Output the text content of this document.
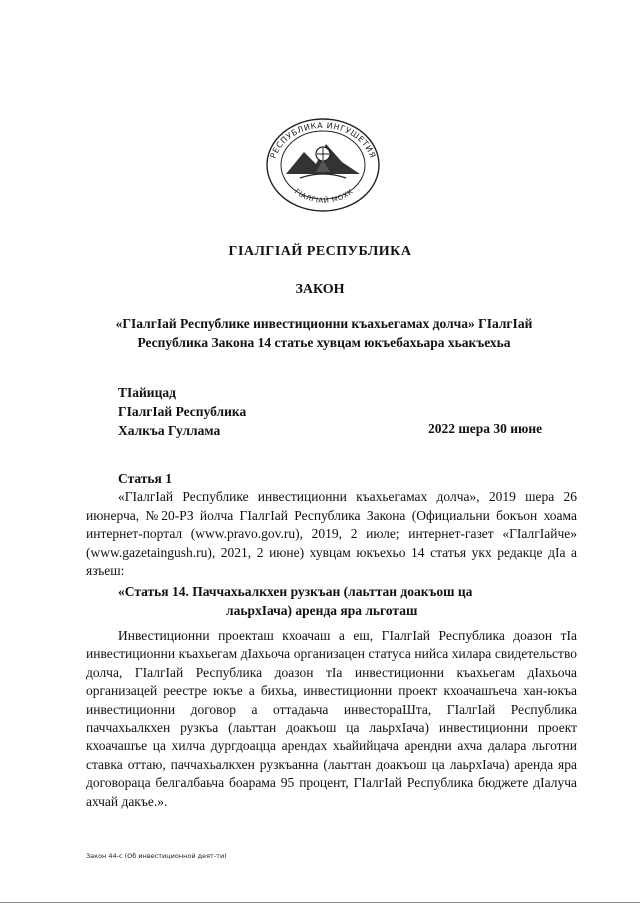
РЕСПУБЛИКА ИНГУШЕТИЯ
ГІАЛГІАЙ МОХК
ГІАЛГІАЙ РЕСПУБЛИКА
ЗАКОН
«ГІалгІай Республике инвестиционни къахьегамах долча» ГІалгІай
Республика Закона 14 статье хувцам юкъебахьара хьакъехьа
ТІайицад
ГІалгІай Республика
Халкъа Гуллама	2022 шера 30 июне
Статья 1

«ГІалгІай Республике инвестиционни къахьегамах долча», 2019 шера 26 июнерча, №20-РЗ йолча ГІалгІай Республика Закона (Официальни бокъон хоама интернет-портал (www.pravo.gov.ru), 2019, 2 июле; интернет-газет «ГІалгІайче» (www.gazetaingush.ru), 2021, 2 июне) хувцам юкъехьо 14 статья укх редакце дІа а язъеш:

«Статья 14. Паччахьалкхен рузкъан (лаьттан доакъош ца
лаьрхІача) аренда яра льготаш
Инвестиционни проекташ кхоачаш а еш, ГІалгІай Республика доазон тІа инвестиционни къахьегам дІахьоча организацен статуса нийса хилара свидетельство долча, ГІалгІай Республика доазон тІа инвестиционни къахьегам дІахьоча организацей реестре юкъе а бихьа, инвестиционни проект кхоачашъеча хан-юкъа инвестиционни договор а оттадаьча инвестораШта, ГІалгІай Республика паччахьалкхен рузкъа (лаьттан доакъош ца лаьрхІача) инвестиционни проект кхоачашъе ца хилча дургдоацца арендах хьайийцача арендни ахча далара льготни ставка оттаю, паччахьалкхен рузкъанна (лаьттан доакъош ца лаьрхІача) аренда яра договораца белгалбаьча боарама 95 процент, ГІалгІай Республика бюджете дІалуча ахчай дакъе.».
Закон 44-с (Об инвестиционной деят-ти)
